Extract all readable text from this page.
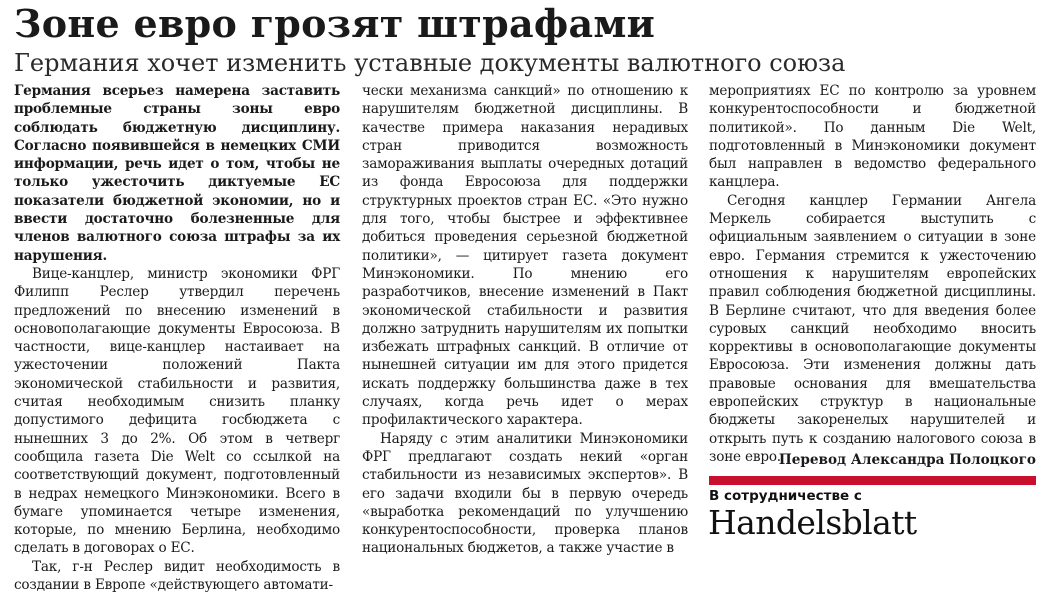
Зоне евро грозят штрафами
Германия хочет изменить уставные документы валютного союза

Германия всерьез намерена заставить проблемные страны зоны евро соблюдать бюджетную дисциплину. Согласно появившейся в немецких СМИ информации, речь идет о том, чтобы не только ужесточить диктуемые ЕС показатели бюджетной экономии, но и ввести достаточно болезненные для членов валютного союза штрафы за их нарушения.

Вице-канцлер, министр экономики ФРГ Филипп Реслер утвердил перечень предложений по внесению изменений в основополагающие документы Евросоюза. В частности, вице-канцлер настаивает на ужесточении положений Пакта экономической стабильности и развития, считая необходимым снизить планку допустимого дефицита госбюджета с нынешних 3 до 2%. Об этом в четверг сообщила газета Die Welt со ссылкой на соответствующий документ, подготовленный в недрах немецкого Минэкономики. Всего в бумаге упоминается четыре изменения, которые, по мнению Берлина, необходимо сделать в договорах о ЕС.

Так, г-н Реслер видит необходимость в создании в Европе «действующего автомати-

чески механизма санкций» по отношению к нарушителям бюджетной дисциплины. В качестве примера наказания нерадивых стран приводится возможность замораживания выплаты очередных дотаций из фонда Евросоюза для поддержки структурных проектов стран ЕС. «Это нужно для того, чтобы быстрее и эффективнее добиться проведения серьезной бюджетной политики», — цитирует газета документ Минэкономики. По мнению его разработчиков, внесение изменений в Пакт экономической стабильности и развития должно затруднить нарушителям их попытки избежать штрафных санкций. В отличие от нынешней ситуации им для этого придется искать поддержку большинства даже в тех случаях, когда речь идет о мерах профилактического характера.

Наряду с этим аналитики Минэкономики ФРГ предлагают создать некий «орган стабильности из независимых экспертов». В его задачи входили бы в первую очередь «выработка рекомендаций по улучшению конкурентоспособности, проверка планов национальных бюджетов, а также участие в

мероприятиях ЕС по контролю за уровнем конкурентоспособности и бюджетной политикой». По данным Die Welt, подготовленный в Минэкономики документ был направлен в ведомство федерального канцлера.

Сегодня канцлер Германии Ангела Меркель собирается выступить с официальным заявлением о ситуации в зоне евро. Германия стремится к ужесточению отношения к нарушителям европейских правил соблюдения бюджетной дисциплины. В Берлине считают, что для введения более суровых санкций необходимо вносить коррективы в основополагающие документы Евросоюза. Эти изменения должны дать правовые основания для вмешательства европейских структур в национальные бюджеты закоренелых нарушителей и открыть путь к созданию налогового союза в зоне евро.

Перевод Александра Полоцкого
В сотрудничестве с
Handelsblatt
